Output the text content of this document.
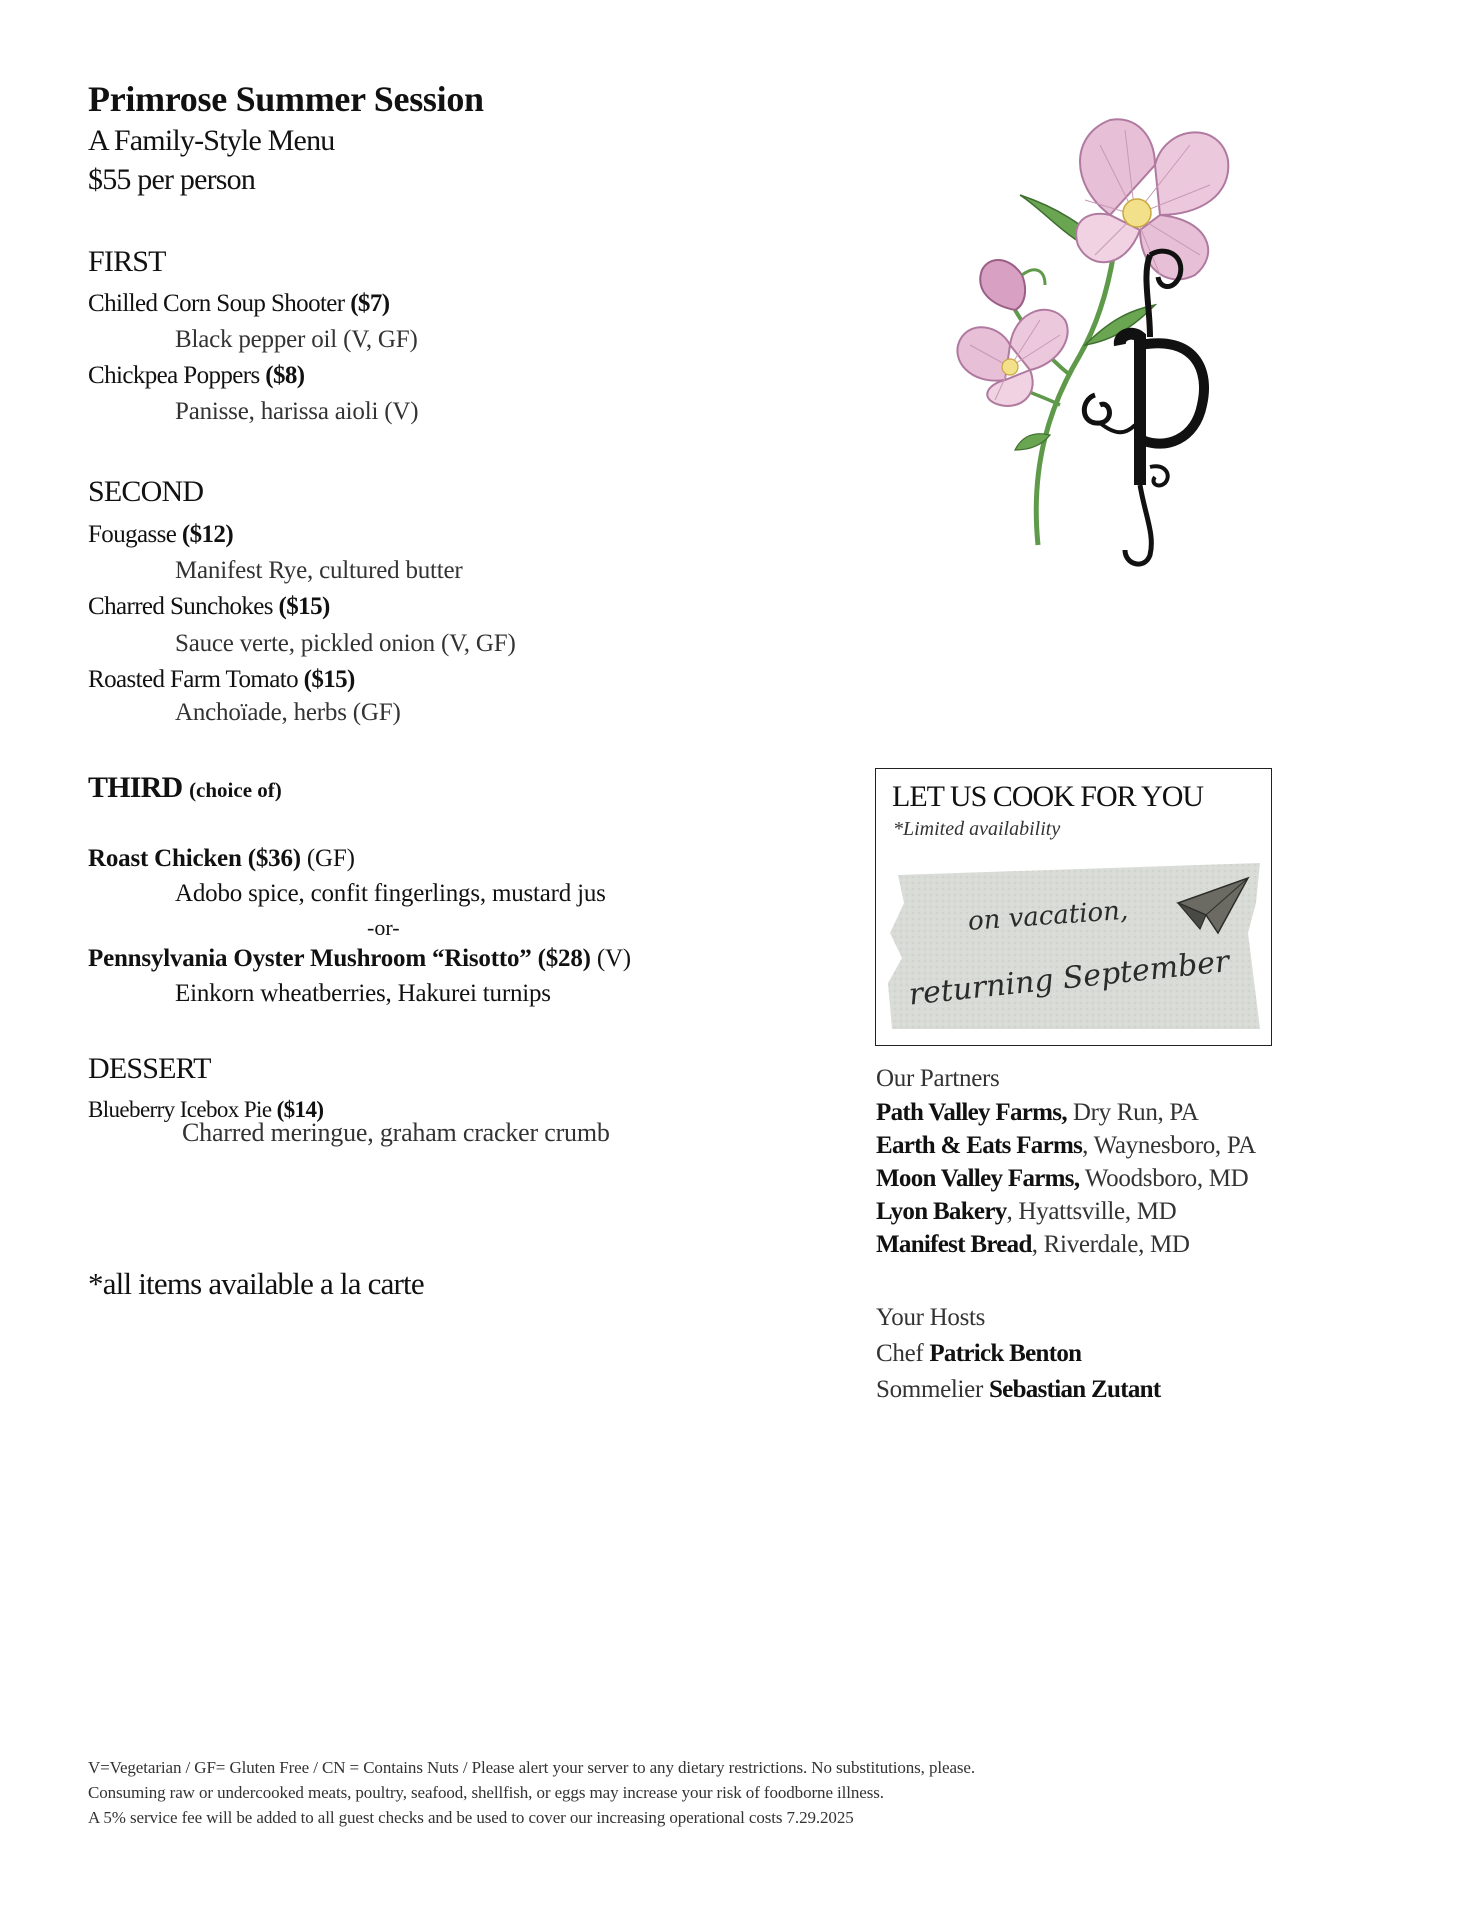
Primrose Summer Session
A Family-Style Menu
$55 per person
FIRST
Chilled Corn Soup Shooter ($7)
Black pepper oil (V, GF)
Chickpea Poppers ($8)
Panisse, harissa aioli (V)
SECOND
Fougasse ($12)
Manifest Rye, cultured butter
Charred Sunchokes ($15)
Sauce verte, pickled onion (V, GF)
Roasted Farm Tomato ($15)
Anchoïade, herbs (GF)
THIRD (choice of)
Roast Chicken ($36) (GF)
Adobo spice, confit fingerlings, mustard jus
-or-
Pennsylvania Oyster Mushroom “Risotto” ($28) (V)
Einkorn wheatberries, Hakurei turnips
DESSERT
Blueberry Icebox Pie ($14)
Charred meringue, graham cracker crumb
*all items available a la carte
LET US COOK FOR YOU
*Limited availability
on vacation,
returning September
Our Partners
Path Valley Farms, Dry Run, PA
Earth & Eats Farms, Waynesboro, PA
Moon Valley Farms, Woodsboro, MD
Lyon Bakery, Hyattsville, MD
Manifest Bread, Riverdale, MD
Your Hosts
Chef Patrick Benton
Sommelier Sebastian Zutant
V=Vegetarian / GF= Gluten Free / CN = Contains Nuts / Please alert your server to any dietary restrictions. No substitutions, please.
Consuming raw or undercooked meats, poultry, seafood, shellfish, or eggs may increase your risk of foodborne illness.
A 5% service fee will be added to all guest checks and be used to cover our increasing operational costs 7.29.2025
